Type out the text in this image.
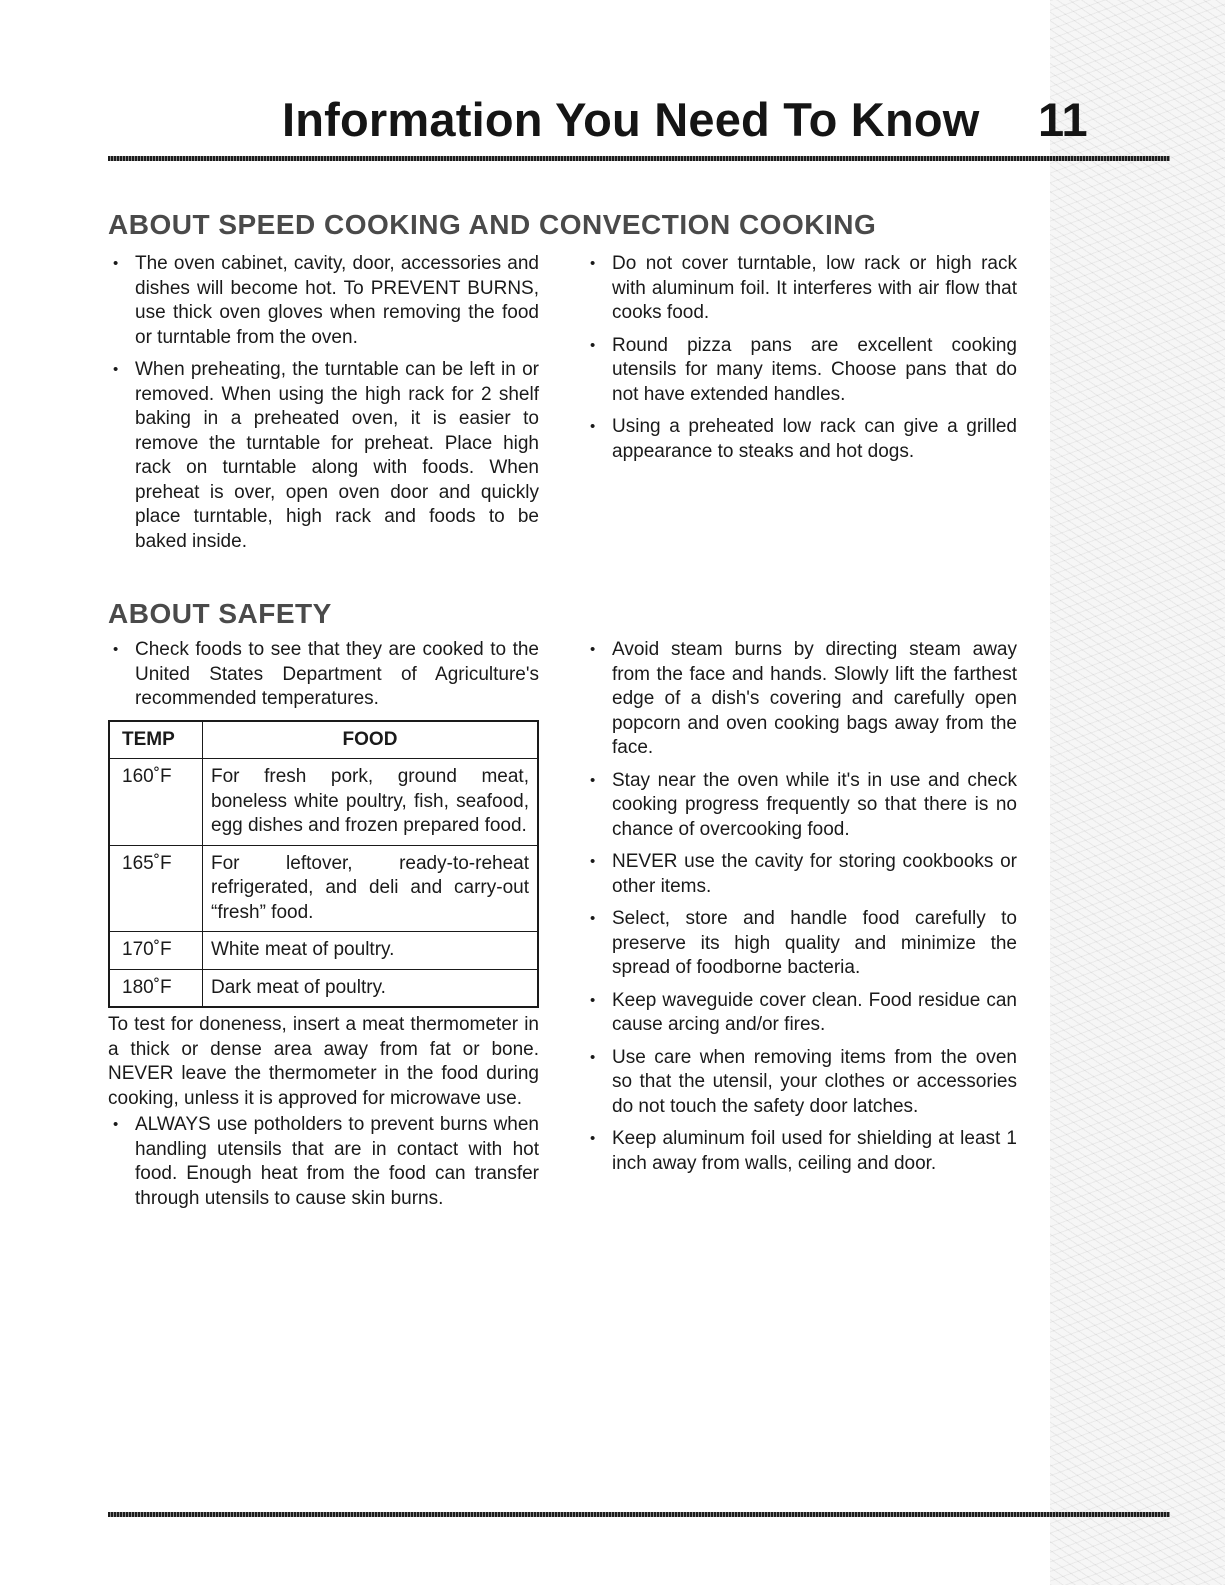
Information You Need To Know 11
ABOUT SPEED COOKING AND CONVECTION COOKING
• The oven cabinet, cavity, door, accessories and dishes will become hot. To PREVENT BURNS, use thick oven gloves when removing the food or turntable from the oven.
• When preheating, the turntable can be left in or removed. When using the high rack for 2 shelf baking in a preheated oven, it is easier to remove the turntable for preheat. Place high rack on turntable along with foods. When preheat is over, open oven door and quickly place turntable, high rack and foods to be baked inside.
• Do not cover turntable, low rack or high rack with aluminum foil. It interferes with air flow that cooks food.
• Round pizza pans are excellent cooking utensils for many items. Choose pans that do not have extended handles.
• Using a preheated low rack can give a grilled appearance to steaks and hot dogs.
ABOUT SAFETY
• Check foods to see that they are cooked to the United States Department of Agriculture's recommended temperatures.
TEMP	FOOD
160˚F	For fresh pork, ground meat, boneless white poultry, fish, seafood, egg dishes and frozen prepared food.
165˚F	For leftover, ready-to-reheat refrigerated, and deli and carry-out “fresh” food.
170˚F	White meat of poultry.
180˚F	Dark meat of poultry.

To test for doneness, insert a meat thermometer in a thick or dense area away from fat or bone. NEVER leave the thermometer in the food during cooking, unless it is approved for microwave use.

• ALWAYS use potholders to prevent burns when handling utensils that are in contact with hot food. Enough heat from the food can transfer through utensils to cause skin burns.
• Avoid steam burns by directing steam away from the face and hands. Slowly lift the farthest edge of a dish's covering and carefully open popcorn and oven cooking bags away from the face.
• Stay near the oven while it's in use and check cooking progress frequently so that there is no chance of overcooking food.
• NEVER use the cavity for storing cookbooks or other items.
• Select, store and handle food carefully to preserve its high quality and minimize the spread of foodborne bacteria.
• Keep waveguide cover clean. Food residue can cause arcing and/or fires.
• Use care when removing items from the oven so that the utensil, your clothes or accessories do not touch the safety door latches.
• Keep aluminum foil used for shielding at least 1 inch away from walls, ceiling and door.
